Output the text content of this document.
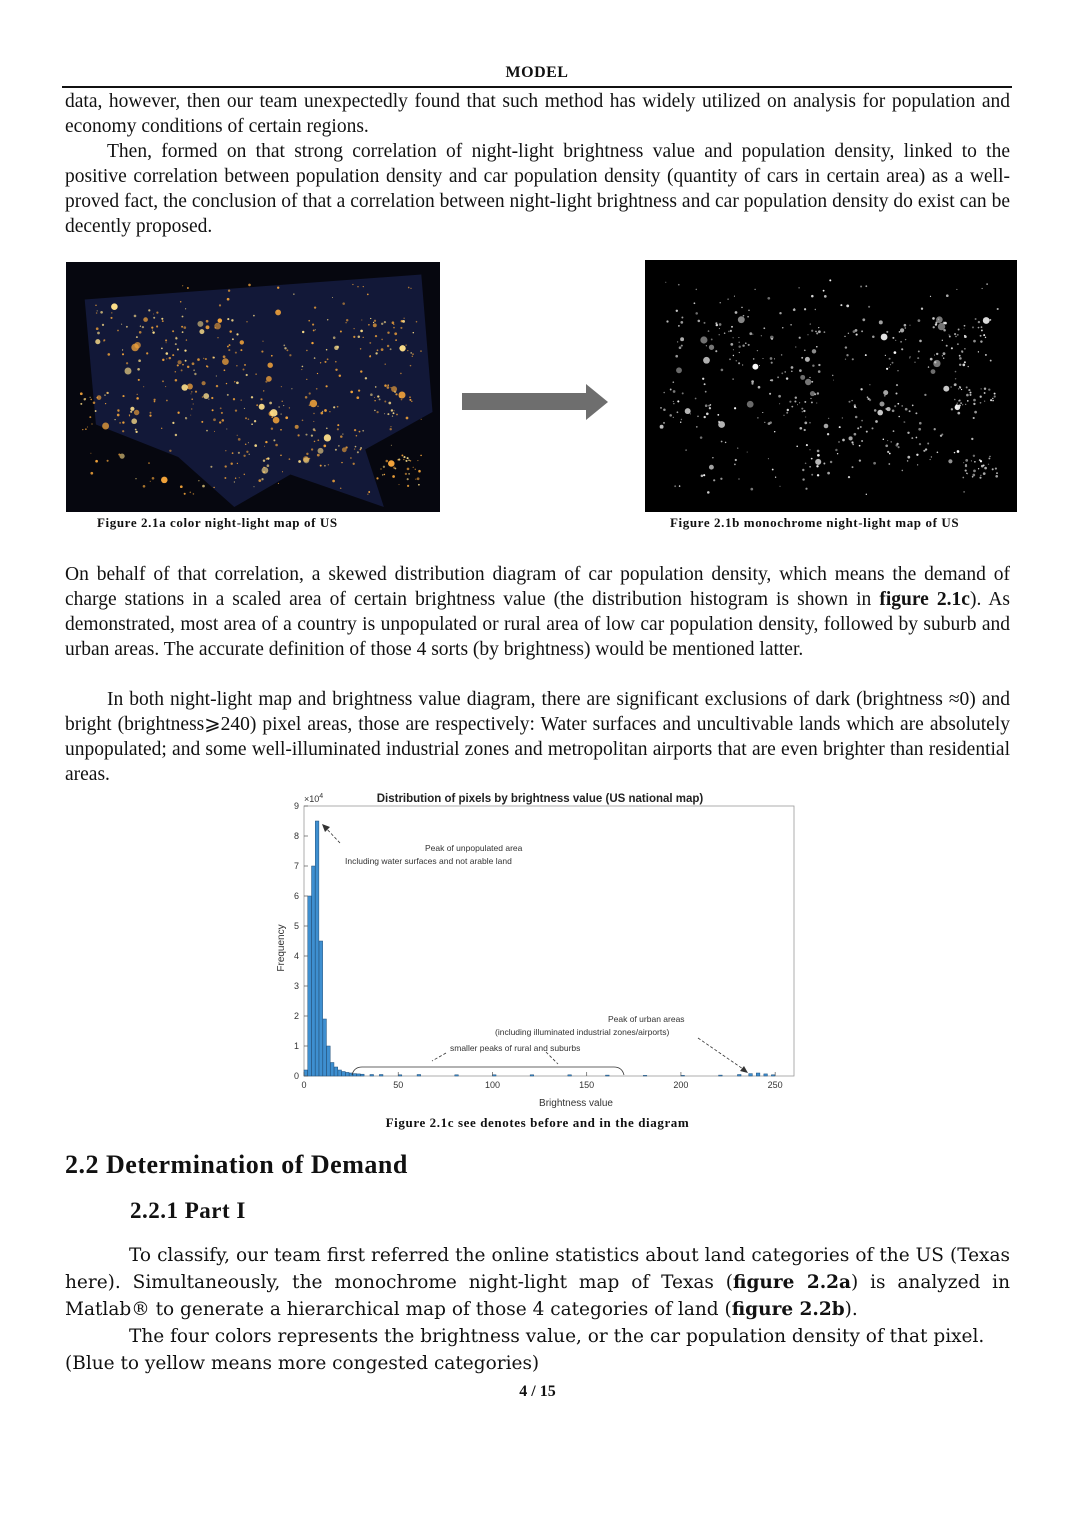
MODEL

data, however, then our team unexpectedly found that such method has widely utilized on analysis for population and economy conditions of certain regions.

Then, formed on that strong correlation of night-light brightness value and population density, linked to the positive correlation between population density and car population density (quantity of cars in certain area) as a well-proved fact, the conclusion of that a correlation between night-light brightness and car population density do exist can be decently proposed.

Figure 2.1a color night-light map of US	Figure 2.1b monochrome night-light map of US

On behalf of that correlation, a skewed distribution diagram of car population density, which means the demand of charge stations in a scaled area of certain brightness value (the distribution histogram is shown in figure 2.1c). As demonstrated, most area of a country is unpopulated or rural area of low car population density, followed by suburb and urban areas. The accurate definition of those 4 sorts (by brightness) would be mentioned latter.

In both night-light map and brightness value diagram, there are significant exclusions of dark (brightness ≈0) and bright (brightness⩾240) pixel areas, those are respectively: Water surfaces and uncultivable lands which are absolutely unpopulated; and some well-illuminated industrial zones and metropolitan airports that are even brighter than residential areas.

Distribution of pixels by brightness value (US national map)
$\times 10^4$
0	50	100	150	200	250
0
1
2
3
4
5
6
7
8
9
Brightness value
Frequency
Peak of unpopulated area
Including water surfaces and not arable land
Peak of urban areas
(including illuminated industrial zones/airports)
smaller peaks of rural and suburbs
Figure 2.1c see denotes before and in the diagram
2.2 Determination of Demand
2.2.1 Part I

To classify, our team first referred the online statistics about land categories of the US (Texas here). Simultaneously, the monochrome night-light map of Texas (figure 2.2a) is analyzed in Matlab® to generate a hierarchical map of those 4 categories of land (figure 2.2b).

The four colors represents the brightness value, or the car population density of that pixel.

(Blue to yellow means more congested categories)

4 / 15
